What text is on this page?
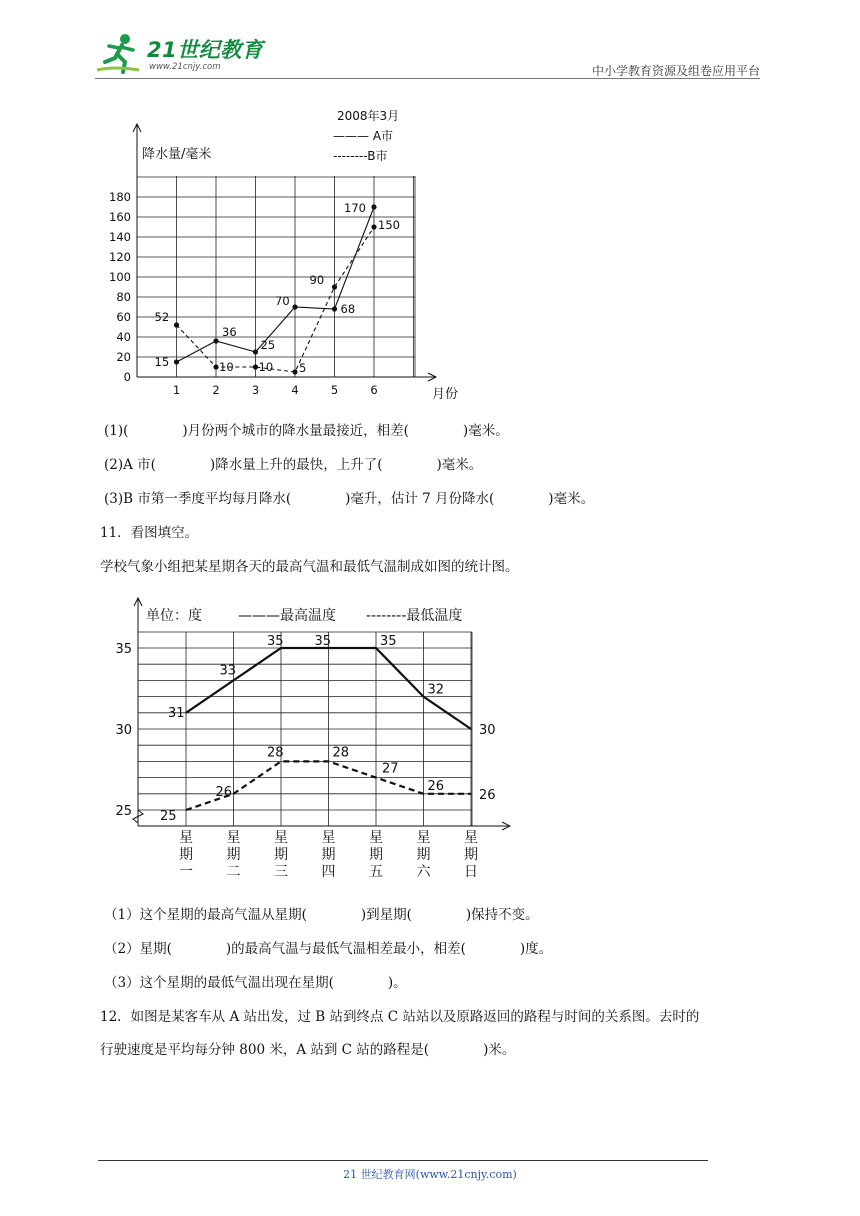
21世纪教育
www.21cnjy.com	中小学教育资源及组卷应用平台
2008年3月
——— A市
--------B市
降水量/毫米
月份
0
20
40
60
80
100
120
140
160
180
1	2	3	4	5	6
15
36
25
70
68
170
52
10 10 5
90
150
(1)(　　　　)月份两个城市的降水量最接近，相差(　　　　)毫米。
(2)A 市(　　　　)降水量上升的最快，上升了(　　　　)毫米。
(3)B 市第一季度平均每月降水(　　　　)毫升，估计 7 月份降水(　　　　)毫米。
11．看图填空。
学校气象小组把某星期各天的最高气温和最低气温制成如图的统计图。
单位：度	———最高温度 --------最低温度
25
30
35
星
期
一
星
期
二
星
期
三
星
期
四
星
期
五
星
期
六
星
期
日
31
33
35 35	35
32
30
25
26
28	28
27
26
26
（1）这个星期的最高气温从星期(　　　　)到星期(　　　　)保持不变。
（2）星期(　　　　)的最高气温与最低气温相差最小，相差(　　　　)度。
（3）这个星期的最低气温出现在星期(　　　　)。
12．如图是某客车从 A 站出发，过 B 站到终点 C 站站以及原路返回的路程与时间的关系图。去时的
行驶速度是平均每分钟 800 米，A 站到 C 站的路程是(　　　　)米。
21 世纪教育网(www.21cnjy.com)
